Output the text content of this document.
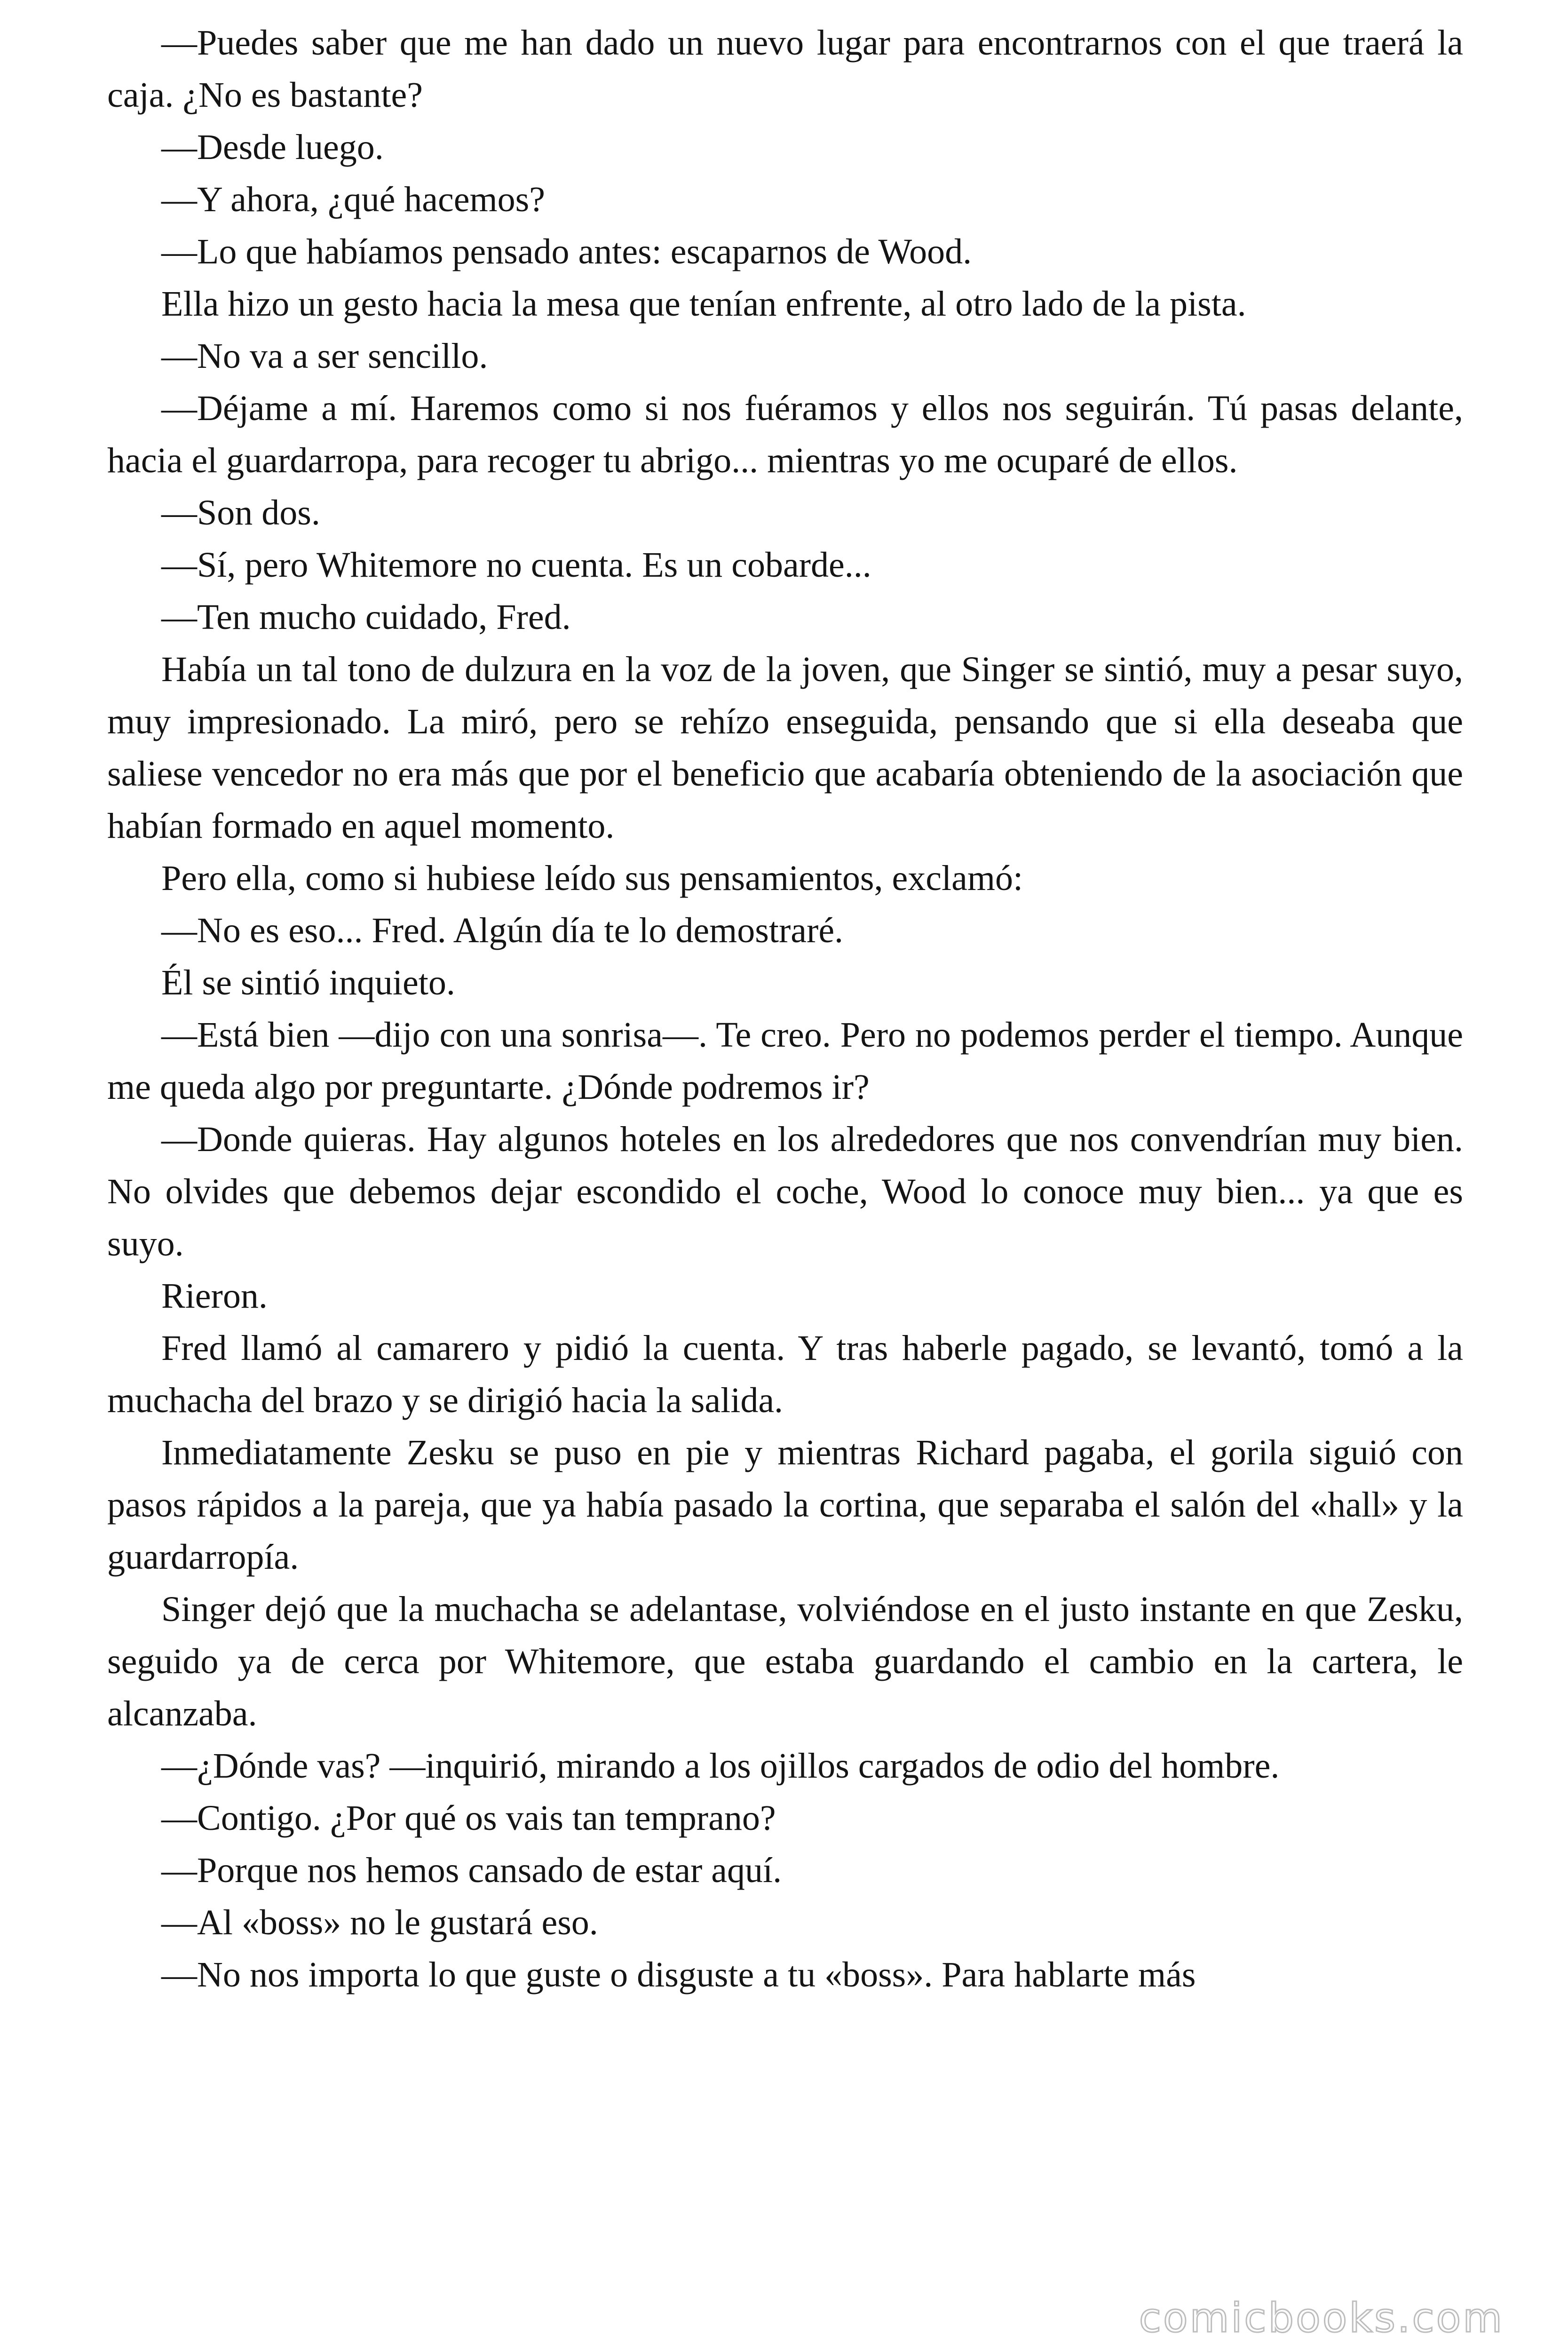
—Puedes saber que me han dado un nuevo lugar para encontrarnos con el que traerá la caja. ¿No es bastante?

—Desde luego.

—Y ahora, ¿qué hacemos?

—Lo que habíamos pensado antes: escaparnos de Wood.

Ella hizo un gesto hacia la mesa que tenían enfrente, al otro lado de la pista.

—No va a ser sencillo.

—Déjame a mí. Haremos como si nos fuéramos y ellos nos seguirán. Tú pasas delante, hacia el guardarropa, para recoger tu abrigo... mientras yo me ocuparé de ellos.

—Son dos.

—Sí, pero Whitemore no cuenta. Es un cobarde...

—Ten mucho cuidado, Fred.

Había un tal tono de dulzura en la voz de la joven, que Singer se sintió, muy a pesar suyo, muy impresionado. La miró, pero se rehízo enseguida, pensando que si ella deseaba que saliese vencedor no era más que por el beneficio que acabaría obteniendo de la asociación que habían formado en aquel momento.

Pero ella, como si hubiese leído sus pensamientos, exclamó:

—No es eso... Fred. Algún día te lo demostraré.

Él se sintió inquieto.

—Está bien —dijo con una sonrisa—. Te creo. Pero no podemos perder el tiempo. Aunque me queda algo por preguntarte. ¿Dónde podremos ir?

—Donde quieras. Hay algunos hoteles en los alrededores que nos convendrían muy bien. No olvides que debemos dejar escondido el coche, Wood lo conoce muy bien... ya que es suyo.

Rieron.

Fred llamó al camarero y pidió la cuenta. Y tras haberle pagado, se levantó, tomó a la muchacha del brazo y se dirigió hacia la salida.

Inmediatamente Zesku se puso en pie y mientras Richard pagaba, el gorila siguió con pasos rápidos a la pareja, que ya había pasado la cortina, que separaba el salón del «hall» y la guardarropía.

Singer dejó que la muchacha se adelantase, volviéndose en el justo instante en que Zesku, seguido ya de cerca por Whitemore, que estaba guardando el cambio en la cartera, le alcanzaba.

—¿Dónde vas? —inquirió, mirando a los ojillos cargados de odio del hombre.

—Contigo. ¿Por qué os vais tan temprano?

—Porque nos hemos cansado de estar aquí.

—Al «boss» no le gustará eso.

—No nos importa lo que guste o disguste a tu «boss». Para hablarte más

comicbooks.com
